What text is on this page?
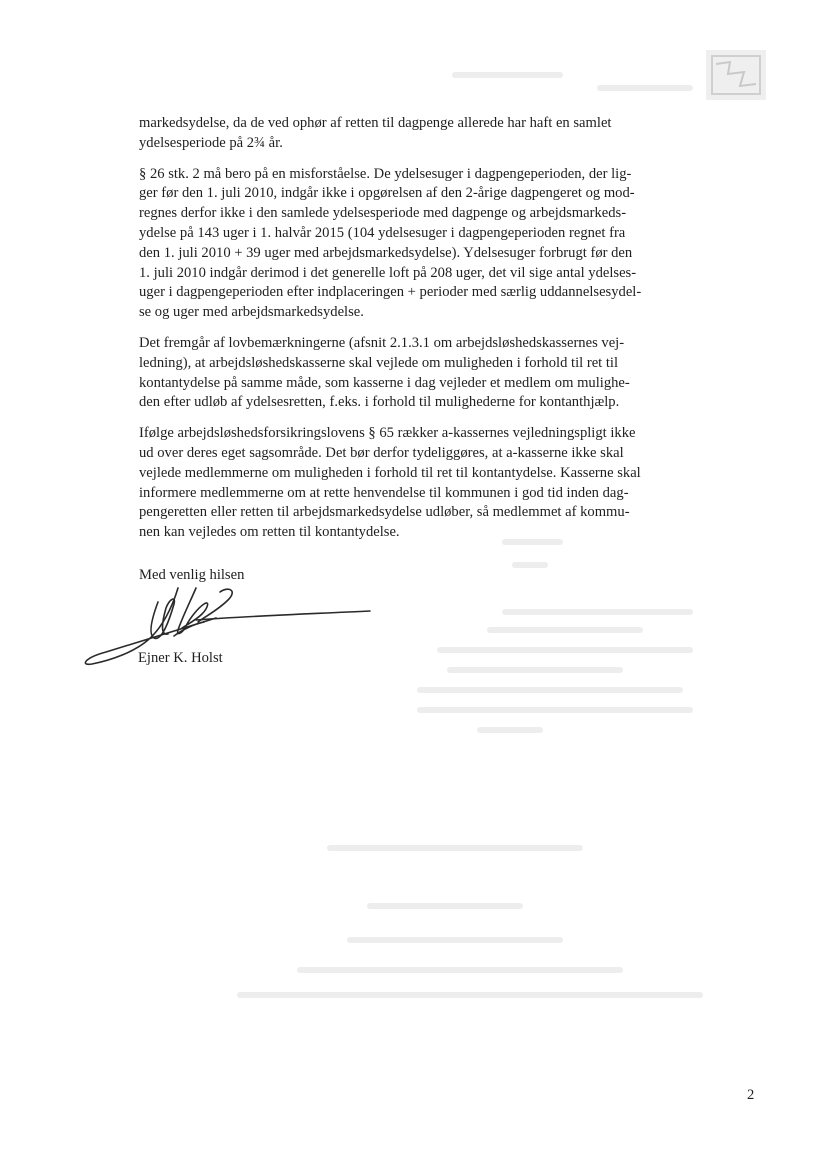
markedsydelse, da de ved ophør af retten til dagpenge allerede har haft en samlet
ydelsesperiode på 2¾ år.

§ 26 stk. 2 må bero på en misforståelse. De ydelsesuger i dagpengeperioden, der lig-
ger før den 1. juli 2010, indgår ikke i opgørelsen af den 2-årige dagpengeret og mod-
regnes derfor ikke i den samlede ydelsesperiode med dagpenge og arbejdsmarkeds-
ydelse på 143 uger i 1. halvår 2015 (104 ydelsesuger i dagpengeperioden regnet fra
den 1. juli 2010 + 39 uger med arbejdsmarkedsydelse). Ydelsesuger forbrugt før den
1. juli 2010 indgår derimod i det generelle loft på 208 uger, det vil sige antal ydelses-
uger i dagpengeperioden efter indplaceringen + perioder med særlig uddannelsesydel-
se og uger med arbejdsmarkedsydelse.

Det fremgår af lovbemærkningerne (afsnit 2.1.3.1 om arbejdsløshedskassernes vej-
ledning), at arbejdsløshedskasserne skal vejlede om muligheden i forhold til ret til
kontantydelse på samme måde, som kasserne i dag vejleder et medlem om mulighe-
den efter udløb af ydelsesretten, f.eks. i forhold til mulighederne for kontanthjælp.

Ifølge arbejdsløshedsforsikringslovens § 65 rækker a-kassernes vejledningspligt ikke
ud over deres eget sagsområde. Det bør derfor tydeliggøres, at a-kasserne ikke skal
vejlede medlemmerne om muligheden i forhold til ret til kontantydelse. Kasserne skal
informere medlemmerne om at rette henvendelse til kommunen i god tid inden dag-
pengeretten eller retten til arbejdsmarkedsydelse udløber, så medlemmet af kommu-
nen kan vejledes om retten til kontantydelse.

Med venlig hilsen
Ejner K. Holst
2
